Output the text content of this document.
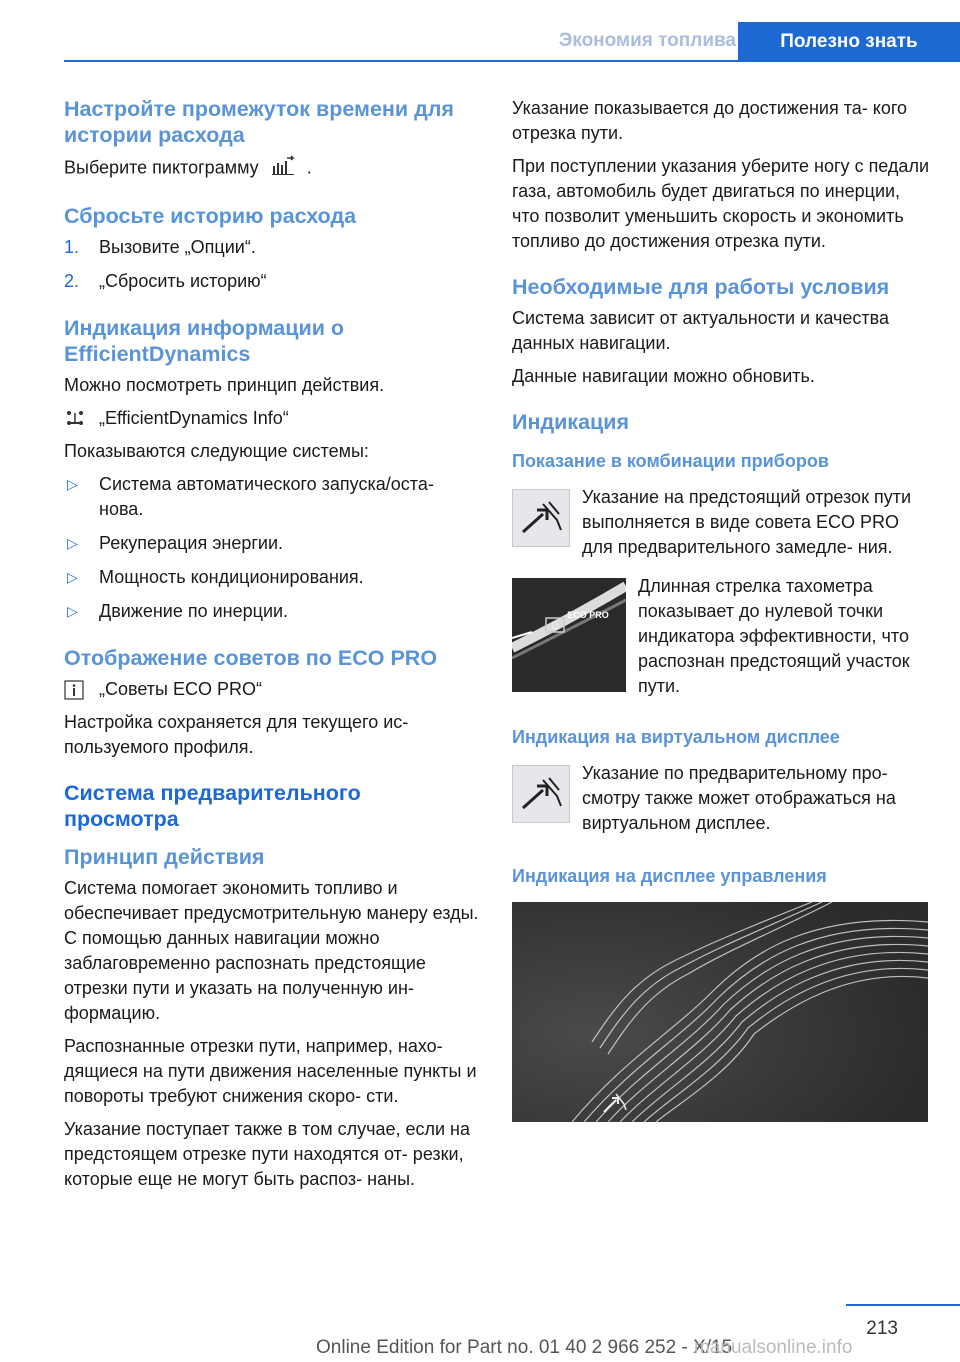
Экономия топлива	Полезно знать
Настройте промежуток времени для истории расхода
Выберите пиктограмму	.
Сбросьте историю расхода
1. Вызовите „Опции“.
2. „Сбросить историю“
Индикация информации о EfficientDynamics
Можно посмотреть принцип действия.
„EfficientDynamics Info“
Показываются следующие системы:
▷ Система автоматического запуска/оста‐ нова.
▷ Рекуперация энергии.
▷ Мощность кондиционирования.
▷ Движение по инерции.
Отображение советов по ECO PRO
„Советы ECO PRO“
Настройка сохраняется для текущего ис‐ пользуемого профиля.
Система предварительного просмотра
Принцип действия
Система помогает экономить топливо и обеспечивает предусмотрительную манеру езды. С помощью данных навигации можно заблаговременно распознать предстоящие отрезки пути и указать на полученную ин‐ формацию.
Распознанные отрезки пути, например, нахо‐ дящиеся на пути движения населенные пункты и повороты требуют снижения скоро‐ сти.
Указание поступает также в том случае, если на предстоящем отрезке пути находятся от‐ резки, которые еще не могут быть распоз‐ наны.
Указание показывается до достижения та‐ кого отрезка пути.
При поступлении указания уберите ногу с педали газа, автомобиль будет двигаться по инерции, что позволит уменьшить скорость и экономить топливо до достижения отрезка пути.
Необходимые для работы условия
Система зависит от актуальности и качества данных навигации.
Данные навигации можно обновить.
Индикация
Показание в комбинации приборов
Указание на предстоящий отрезок пути выполняется в виде совета ECO PRO для предварительного замедле‐ ния.
D
ECO PRO
Длинная стрелка тахометра показывает до нулевой точки индикатора эффективности, что распознан предстоящий участок пути.
Индикация на виртуальном дисплее
Указание по предварительному про‐ смотру также может отображаться на виртуальном дисплее.
Индикация на дисплее управления
213
Online Edition for Part no. 01 40 2 966 252 - X/15
manualsonline.info
